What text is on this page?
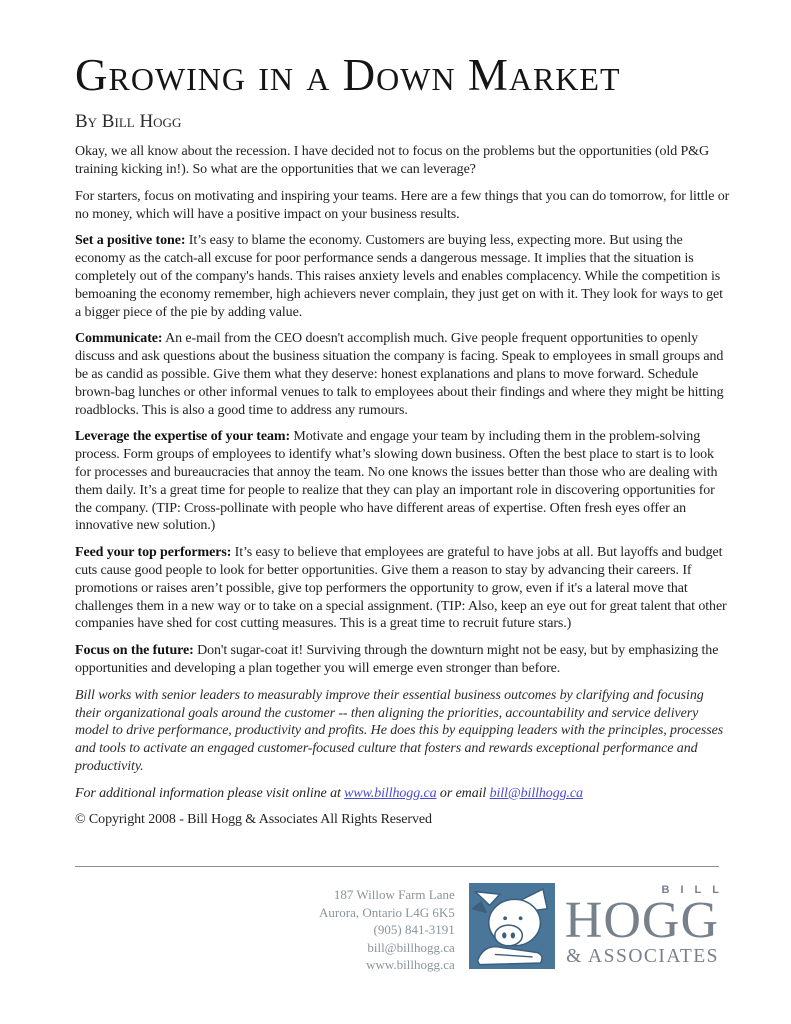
Growing in a Down Market
By Bill Hogg

Okay, we all know about the recession. I have decided not to focus on the problems but the opportunities (old P&G training kicking in!). So what are the opportunities that we can leverage?

For starters, focus on motivating and inspiring your teams. Here are a few things that you can do tomorrow, for little or no money, which will have a positive impact on your business results.

Set a positive tone: It’s easy to blame the economy. Customers are buying less, expecting more. But using the economy as the catch-all excuse for poor performance sends a dangerous message. It implies that the situation is completely out of the company's hands. This raises anxiety levels and enables complacency. While the competition is bemoaning the economy remember, high achievers never complain, they just get on with it. They look for ways to get a bigger piece of the pie by adding value.

Communicate: An e-mail from the CEO doesn't accomplish much. Give people frequent opportunities to openly discuss and ask questions about the business situation the company is facing. Speak to employees in small groups and be as candid as possible. Give them what they deserve: honest explanations and plans to move forward. Schedule brown-bag lunches or other informal venues to talk to employees about their findings and where they might be hitting roadblocks. This is also a good time to address any rumours.

Leverage the expertise of your team: Motivate and engage your team by including them in the problem-solving process. Form groups of employees to identify what’s slowing down business. Often the best place to start is to look for processes and bureaucracies that annoy the team. No one knows the issues better than those who are dealing with them daily. It’s a great time for people to realize that they can play an important role in discovering opportunities for the company. (TIP: Cross-pollinate with people who have different areas of expertise. Often fresh eyes offer an innovative new solution.)

Feed your top performers: It’s easy to believe that employees are grateful to have jobs at all. But layoffs and budget cuts cause good people to look for better opportunities. Give them a reason to stay by advancing their careers. If promotions or raises aren’t possible, give top performers the opportunity to grow, even if it's a lateral move that challenges them in a new way or to take on a special assignment. (TIP: Also, keep an eye out for great talent that other companies have shed for cost cutting measures. This is a great time to recruit future stars.)

Focus on the future: Don't sugar-coat it! Surviving through the downturn might not be easy, but by emphasizing the opportunities and developing a plan together you will emerge even stronger than before.

Bill works with senior leaders to measurably improve their essential business outcomes by clarifying and focusing their organizational goals around the customer -- then aligning the priorities, accountability and service delivery model to drive performance, productivity and profits. He does this by equipping leaders with the principles, processes and tools to activate an engaged customer-focused culture that fosters and rewards exceptional performance and productivity.

For additional information please visit online at www.billhogg.ca or email bill@billhogg.ca

© Copyright 2008 - Bill Hogg & Associates All Rights Reserved

187 Willow Farm Lane
Aurora, Ontario L4G 6K5
(905) 841-3191
bill@billhogg.ca
www.billhogg.ca
BILL
HOGG
& ASSOCIATES
